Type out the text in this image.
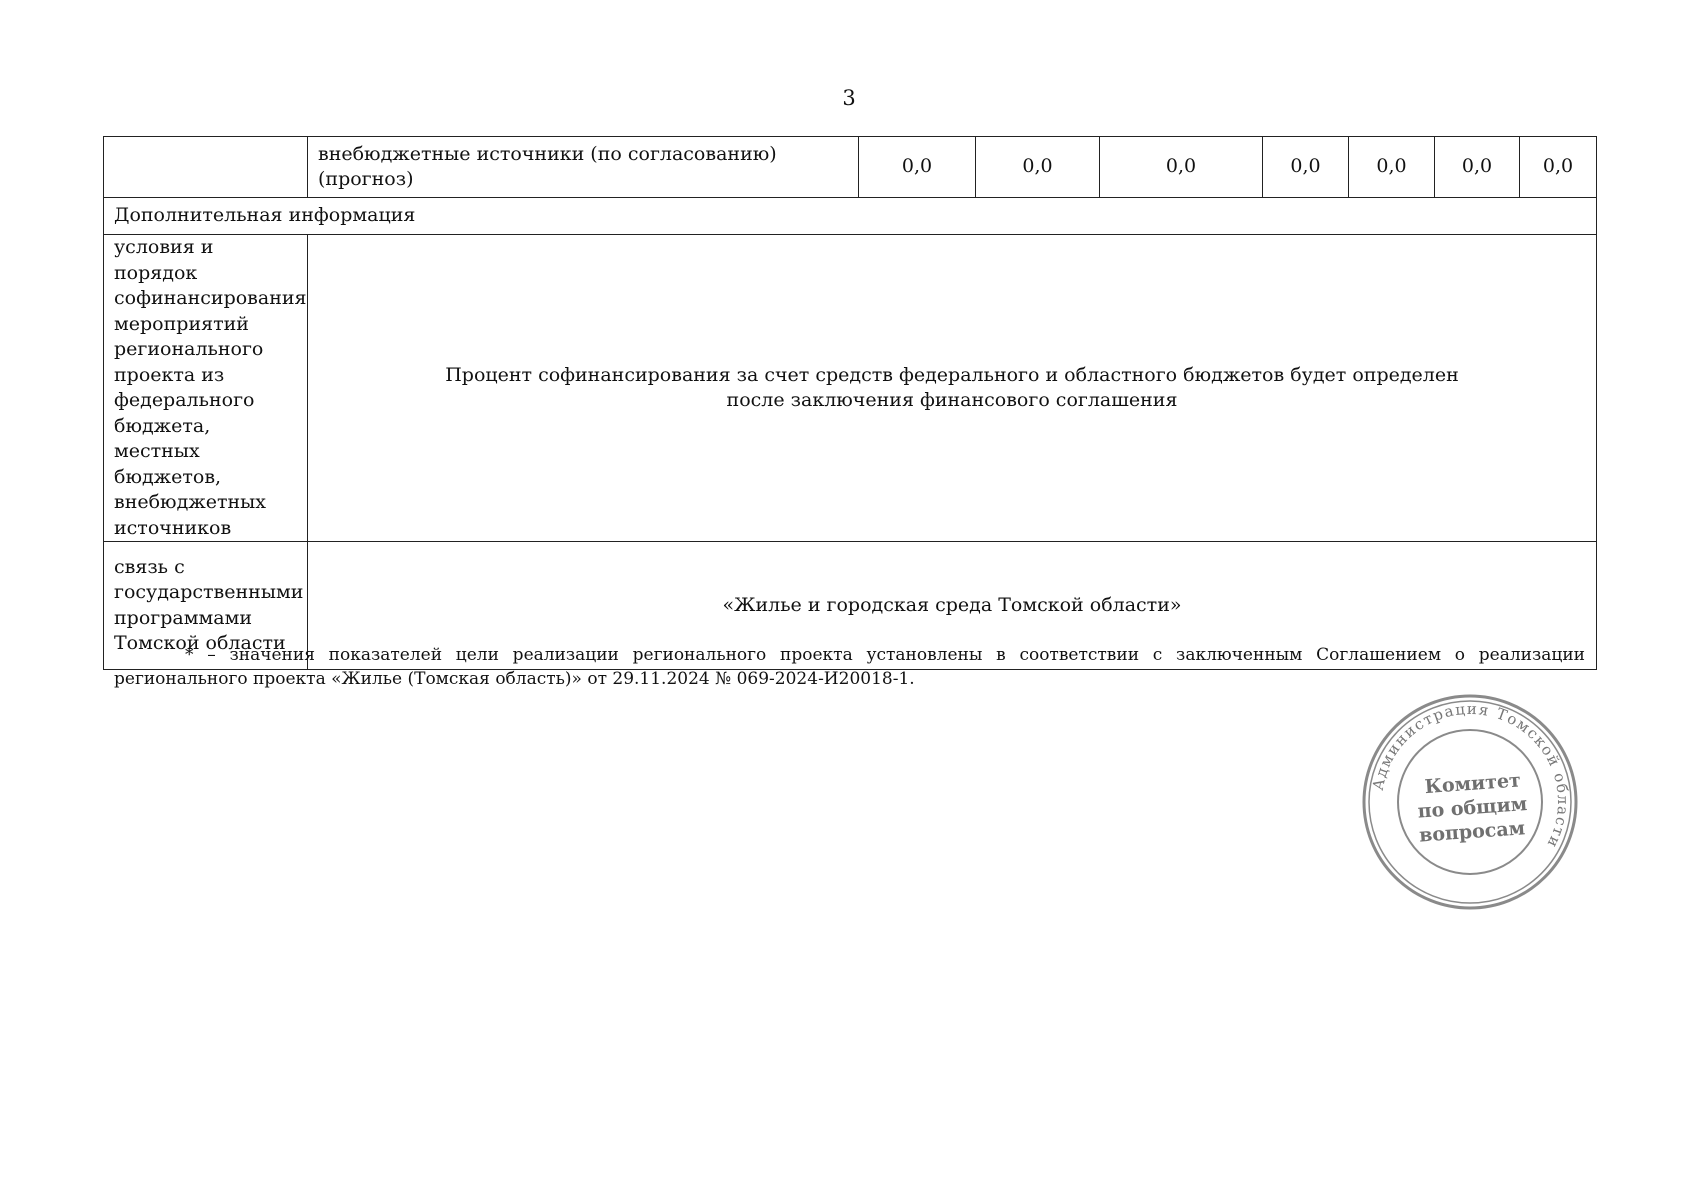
3
	внебюджетные источники (по согласованию) (прогноз)	0,0	0,0	0,0	0,0	0,0	0,0	0,0
Дополнительная информация								
условия и порядок софинансирования мероприятий регионального проекта из федерального бюджета, местных бюджетов, внебюджетных источников	Процент софинансирования за счет средств федерального и областного бюджетов будет определен
после заключения финансового соглашения							

связь с государственными программами Томской области	«Жилье и городская среда Томской области»							
* – значения показателей цели реализации регионального проекта установлены в соответствии с заключенным Соглашением о реализации регионального проекта «Жилье (Томская область)» от 29.11.2024 № 069-2024-И20018-1.
Администрация Томской области
Комитет
по общим
вопросам
